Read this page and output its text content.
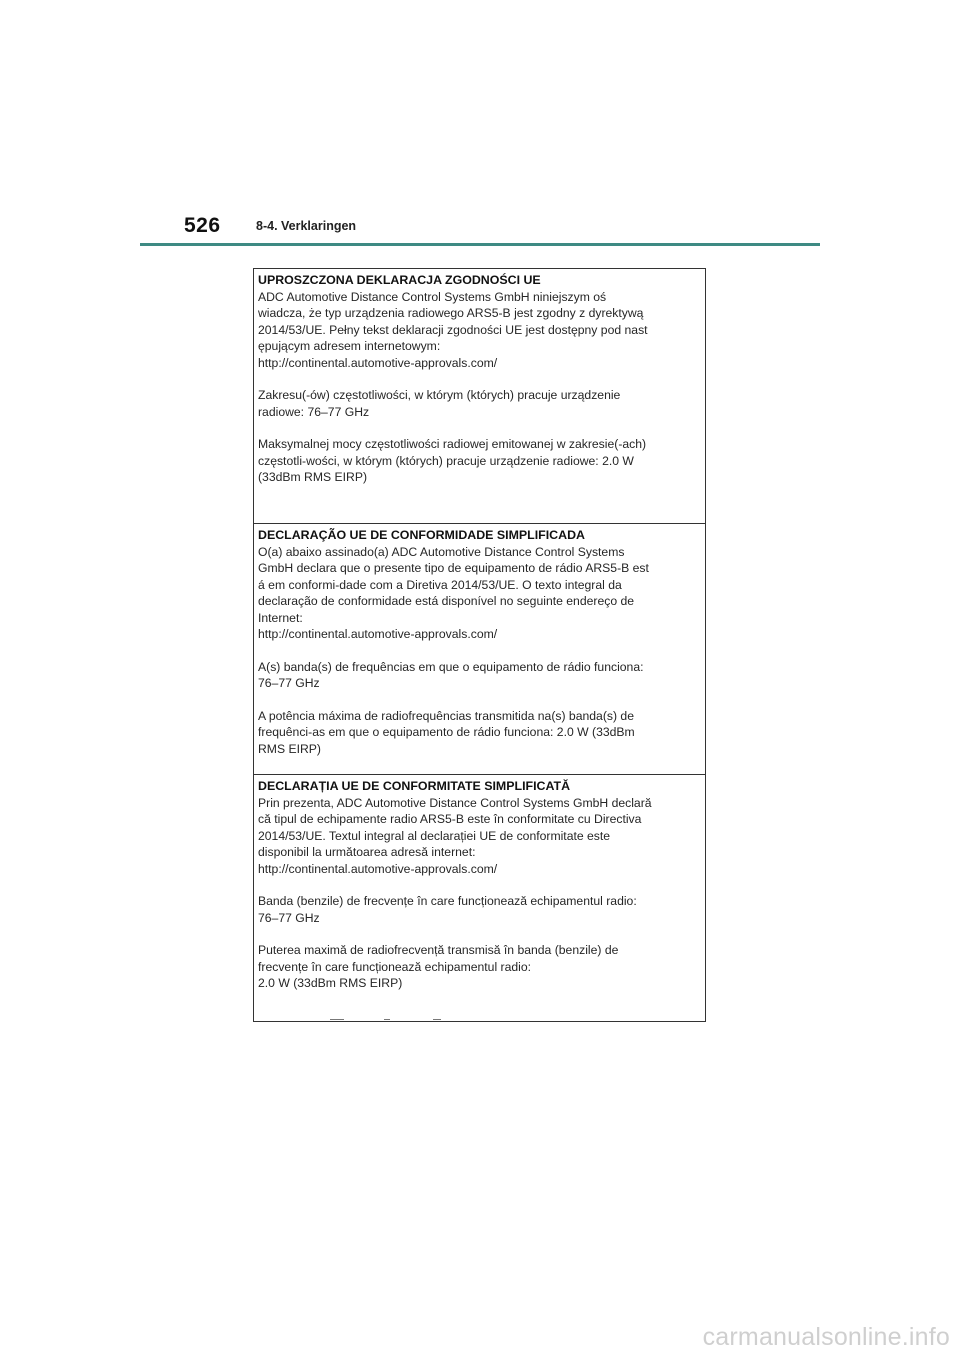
526	8-4. Verklaringen

UPROSZCZONA DEKLARACJA ZGODNOŚCI UE

ADC Automotive Distance Control Systems GmbH niniejszym oś
wiadcza, że typ urządzenia radiowego ARS5-B jest zgodny z dyrektywą
2014/53/UE. Pełny tekst deklaracji zgodności UE jest dostępny pod nast
ępującym adresem internetowym:
http://continental.automotive-approvals.com/

Zakresu(-ów) częstotliwości, w którym (których) pracuje urządzenie
radiowe: 76–77 GHz

Maksymalnej mocy częstotliwości radiowej emitowanej w zakresie(-ach)
częstotli-wości, w którym (których) pracuje urządzenie radiowe: 2.0 W
(33dBm RMS EIRP)

DECLARAÇÃO UE DE CONFORMIDADE SIMPLIFICADA

O(a) abaixo assinado(a) ADC Automotive Distance Control Systems
GmbH declara que o presente tipo de equipamento de rádio ARS5-B est
á em conformi-dade com a Diretiva 2014/53/UE. O texto integral da
declaração de conformidade está disponível no seguinte endereço de
Internet:
http://continental.automotive-approvals.com/

A(s) banda(s) de frequências em que o equipamento de rádio funciona:
76–77 GHz

A potência máxima de radiofrequências transmitida na(s) banda(s) de
frequênci-as em que o equipamento de rádio funciona: 2.0 W (33dBm
RMS EIRP)

DECLARAȚIA UE DE CONFORMITATE SIMPLIFICATĂ

Prin prezenta, ADC Automotive Distance Control Systems GmbH declară
că tipul de echipamente radio ARS5-B este în conformitate cu Directiva
2014/53/UE. Textul integral al declarației UE de conformitate este
disponibil la următoarea adresă internet:
http://continental.automotive-approvals.com/

Banda (benzile) de frecvențe în care funcționează echipamentul radio:
76–77 GHz

Puterea maximă de radiofrecvență transmisă în banda (benzile) de
frecvențe în care funcționează echipamentul radio:
2.0 W (33dBm RMS EIRP)

carmanualsonline.info
